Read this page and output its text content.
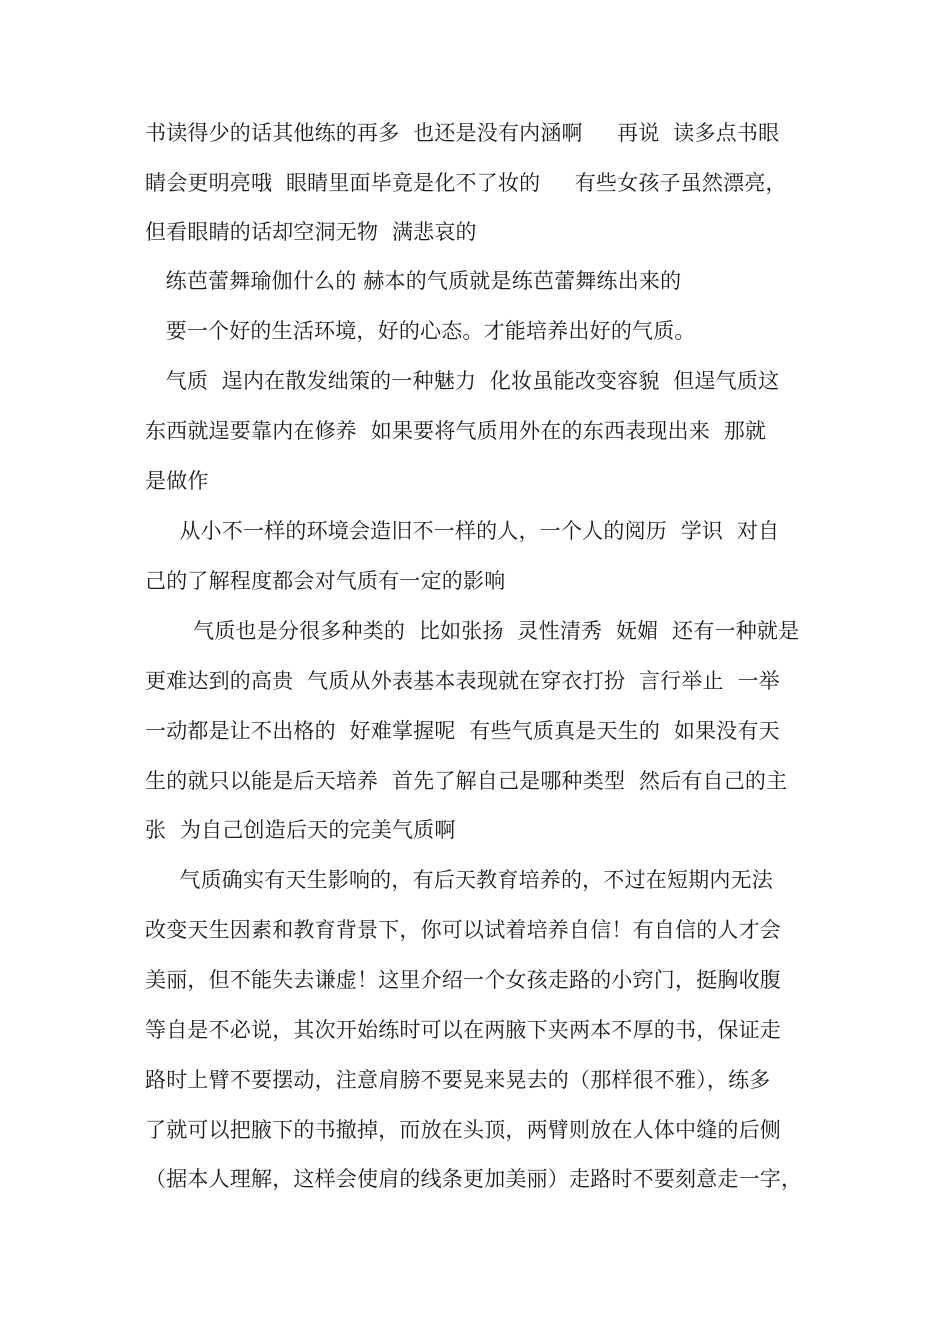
书读得少的话其他练的再多  也还是没有内涵啊     再说  读多点书眼

睛会更明亮哦  眼睛里面毕竟是化不了妆的     有些女孩子虽然漂亮，

但看眼睛的话却空洞无物  满悲哀的

练芭蕾舞瑜伽什么的 赫本的气质就是练芭蕾舞练出来的

要一个好的生活环境，好的心态。才能培养出好的气质。

气质  逞内在散发绌策的一种魅力  化妆虽能改变容貌  但逞气质这

东西就逞要靠内在修养  如果要将气质用外在的东西表现出来  那就

是做作

从小不一样的环境会造旧不一样的人，一个人的阅历  学识  对自

己的了解程度都会对气质有一定的影响

气质也是分很多种类的  比如张扬  灵性清秀  妩媚  还有一种就是

更难达到的高贵  气质从外表基本表现就在穿衣打扮  言行举止  一举

一动都是让不出格的  好难掌握呢  有些气质真是天生的  如果没有天

生的就只以能是后天培养  首先了解自己是哪种类型  然后有自己的主

张  为自己创造后天的完美气质啊

气质确实有天生影响的，有后天教育培养的，不过在短期内无法

改变天生因素和教育背景下，你可以试着培养自信！有自信的人才会

美丽，但不能失去谦虚！这里介绍一个女孩走路的小窍门，挺胸收腹

等自是不必说，其次开始练时可以在两腋下夹两本不厚的书，保证走

路时上臂不要摆动，注意肩膀不要晃来晃去的（那样很不雅），练多

了就可以把腋下的书撤掉，而放在头顶，两臂则放在人体中缝的后侧

（据本人理解，这样会使肩的线条更加美丽）走路时不要刻意走一字，
